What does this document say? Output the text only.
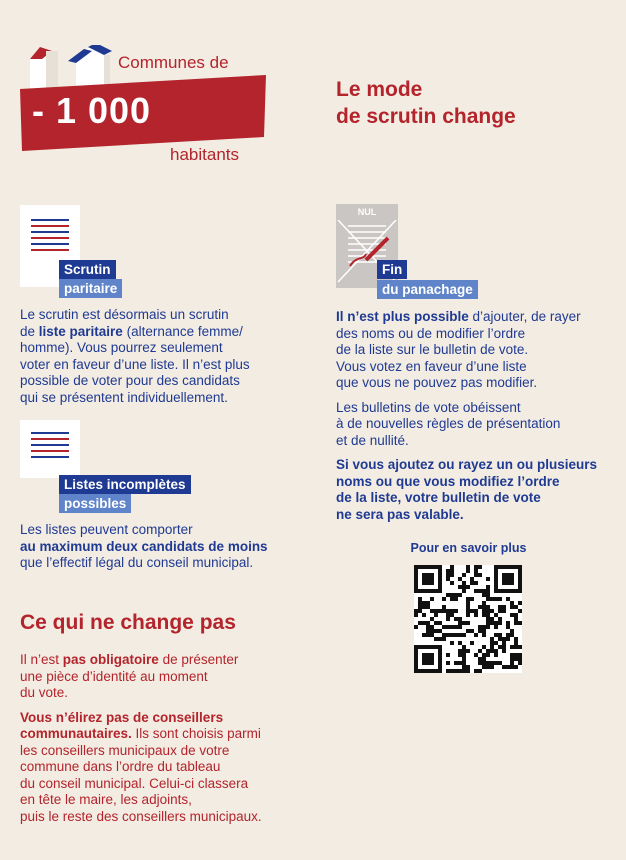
Communes de
- 1 000
habitants
Le mode
de scrutin change
Scrutin
paritaire

Le scrutin est désormais un scrutin

de liste paritaire (alternance femme/

homme). Vous pourrez seulement

voter en faveur d’une liste. Il n’est plus

possible de voter pour des candidats

qui se présentent individuellement.

Listes incomplètes
possibles

Les listes peuvent comporter

au maximum deux candidats de moins

que l’effectif légal du conseil municipal.

Ce qui ne change pas

Il n’est pas obligatoire de présenter

une pièce d’identité au moment

du vote.

Vous n’élirez pas de conseillers

communautaires. Ils sont choisis parmi

les conseillers municipaux de votre

commune dans l’ordre du tableau

du conseil municipal. Celui-ci classera

en tête le maire, les adjoints,

puis le reste des conseillers municipaux.

NUL
Fin
du panachage

Il n’est plus possible d’ajouter, de rayer

des noms ou de modifier l’ordre

de la liste sur le bulletin de vote.

Vous votez en faveur d’une liste

que vous ne pouvez pas modifier.

Les bulletins de vote obéissent

à de nouvelles règles de présentation

et de nullité.

Si vous ajoutez ou rayez un ou plusieurs

noms ou que vous modifiez l’ordre

de la liste, votre bulletin de vote

ne sera pas valable.

Pour en savoir plus
